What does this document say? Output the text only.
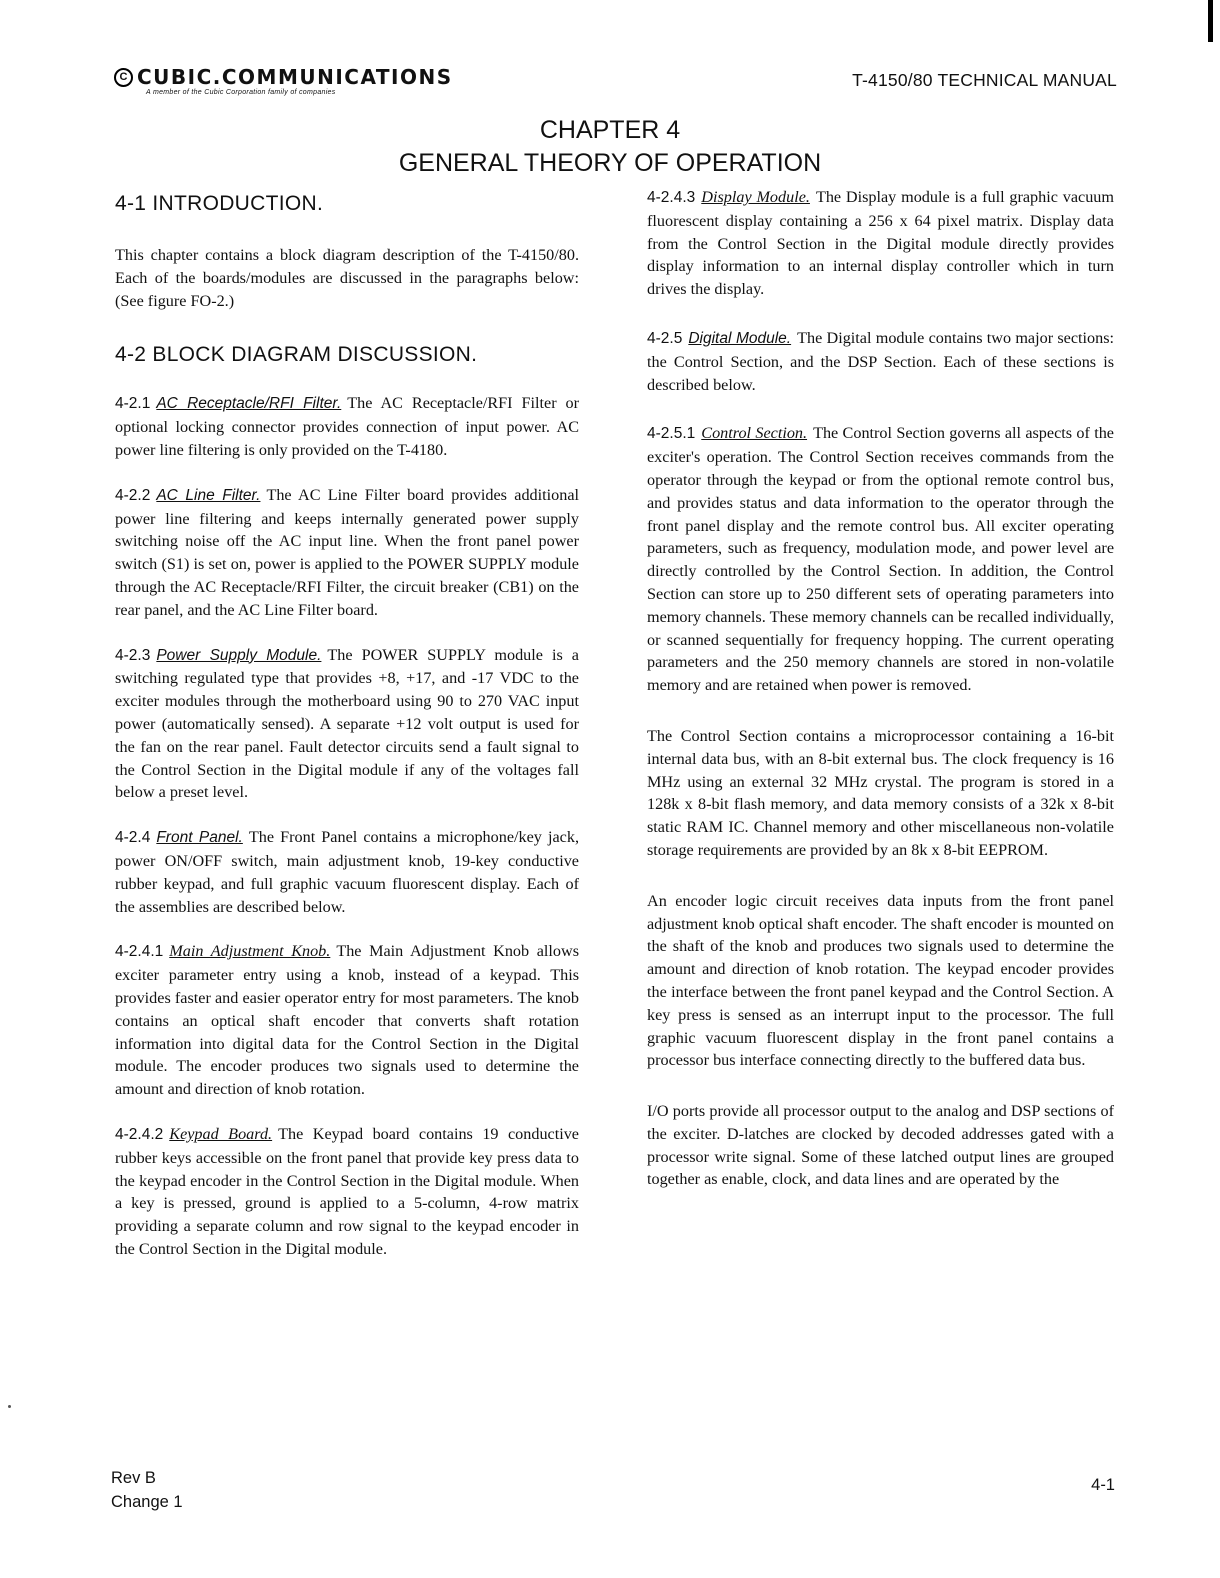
C CUBIC.COMMUNICATIONS
A member of the Cubic Corporation family of companies
T-4150/80 TECHNICAL MANUAL
CHAPTER 4
GENERAL THEORY OF OPERATION
4-1 INTRODUCTION.

This chapter contains a block diagram description of the T-4150/80. Each of the boards/modules are discussed in the paragraphs below: (See figure FO-2.)

4-2 BLOCK DIAGRAM DISCUSSION.

4-2.1 AC Receptacle/RFI Filter. The AC Receptacle/RFI Filter or optional locking connector provides connection of input power. AC power line filtering is only provided on the T-4180.

4-2.2 AC Line Filter. The AC Line Filter board provides additional power line filtering and keeps internally generated power supply switching noise off the AC input line. When the front panel power switch (S1) is set on, power is applied to the POWER SUPPLY module through the AC Receptacle/RFI Filter, the circuit breaker (CB1) on the rear panel, and the AC Line Filter board.

4-2.3 Power Supply Module. The POWER SUPPLY module is a switching regulated type that provides +8, +17, and -17 VDC to the exciter modules through the motherboard using 90 to 270 VAC input power (automatically sensed). A separate +12 volt output is used for the fan on the rear panel. Fault detector circuits send a fault signal to the Control Section in the Digital module if any of the voltages fall below a preset level.

4-2.4 Front Panel. The Front Panel contains a microphone/key jack, power ON/OFF switch, main adjustment knob, 19-key conductive rubber keypad, and full graphic vacuum fluorescent display. Each of the assemblies are described below.

4-2.4.1 Main Adjustment Knob. The Main Adjustment Knob allows exciter parameter entry using a knob, instead of a keypad. This provides faster and easier operator entry for most parameters. The knob contains an optical shaft encoder that converts shaft rotation information into digital data for the Control Section in the Digital module. The encoder produces two signals used to determine the amount and direction of knob rotation.

4-2.4.2 Keypad Board. The Keypad board contains 19 conductive rubber keys accessible on the front panel that provide key press data to the keypad encoder in the Control Section in the Digital module. When a key is pressed, ground is applied to a 5-column, 4-row matrix providing a separate column and row signal to the keypad encoder in the Control Section in the Digital module.

4-2.4.3 Display Module. The Display module is a full graphic vacuum fluorescent display containing a 256 x 64 pixel matrix. Display data from the Control Section in the Digital module directly provides display information to an internal display controller which in turn drives the display.

4-2.5 Digital Module. The Digital module contains two major sections: the Control Section, and the DSP Section. Each of these sections is described below.

4-2.5.1 Control Section. The Control Section governs all aspects of the exciter's operation. The Control Section receives commands from the operator through the keypad or from the optional remote control bus, and provides status and data information to the operator through the front panel display and the remote control bus. All exciter operating parameters, such as frequency, modulation mode, and power level are directly controlled by the Control Section. In addition, the Control Section can store up to 250 different sets of operating parameters into memory channels. These memory channels can be recalled individually, or scanned sequentially for frequency hopping. The current operating parameters and the 250 memory channels are stored in non-volatile memory and are retained when power is removed.

The Control Section contains a microprocessor containing a 16-bit internal data bus, with an 8-bit external bus. The clock frequency is 16 MHz using an external 32 MHz crystal. The program is stored in a 128k x 8-bit flash memory, and data memory consists of a 32k x 8-bit static RAM IC. Channel memory and other miscellaneous non-volatile storage requirements are provided by an 8k x 8-bit EEPROM.

An encoder logic circuit receives data inputs from the front panel adjustment knob optical shaft encoder. The shaft encoder is mounted on the shaft of the knob and produces two signals used to determine the amount and direction of knob rotation. The keypad encoder provides the interface between the front panel keypad and the Control Section. A key press is sensed as an interrupt input to the processor. The full graphic vacuum fluorescent display in the front panel contains a processor bus interface connecting directly to the buffered data bus.

I/O ports provide all processor output to the analog and DSP sections of the exciter. D-latches are clocked by decoded addresses gated with a processor write signal. Some of these latched output lines are grouped together as enable, clock, and data lines and are operated by the

Rev B
Change 1
4-1
